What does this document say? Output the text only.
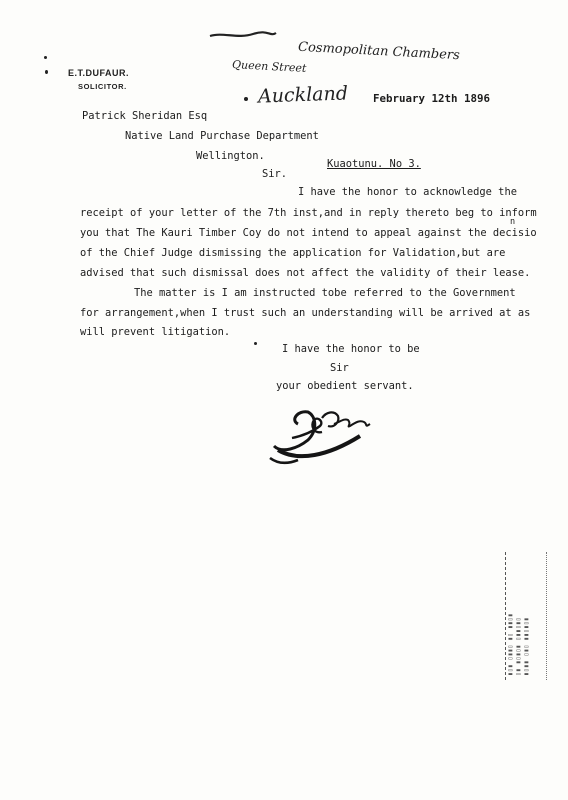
E.T.DUFAUR.
SOLICITOR.
Cosmopolitan Chambers
Queen Street
Auckland February 12th 1896
Patrick Sheridan Esq
Native Land Purchase Department
Wellington.
Kuaotunu. No 3.
Sir.
I have the honor to acknowledge the
receipt of your letter of the 7th inst,and in reply thereto beg to inform
n
you that The Kauri Timber Coy do not intend to appeal against the decisio
of the Chief Judge dismissing the application for Validation,but are
advised that such dismissal does not affect the validity of their lease.
The matter is I am instructed tobe referred to the Government
for arrangement,when I trust such an understanding will be arrived at as
will prevent litigation.
I have the honor to be
Sir
your obedient servant.
▮▯▮ ▯▮▮▯ ▮▯ ▮▮▯▮
▯▮ ▮▯▮▯▮ ▯▮▮▯▮▯
▮▯▮▮ ▯▮▯ ▮▮▯▮▯▮
